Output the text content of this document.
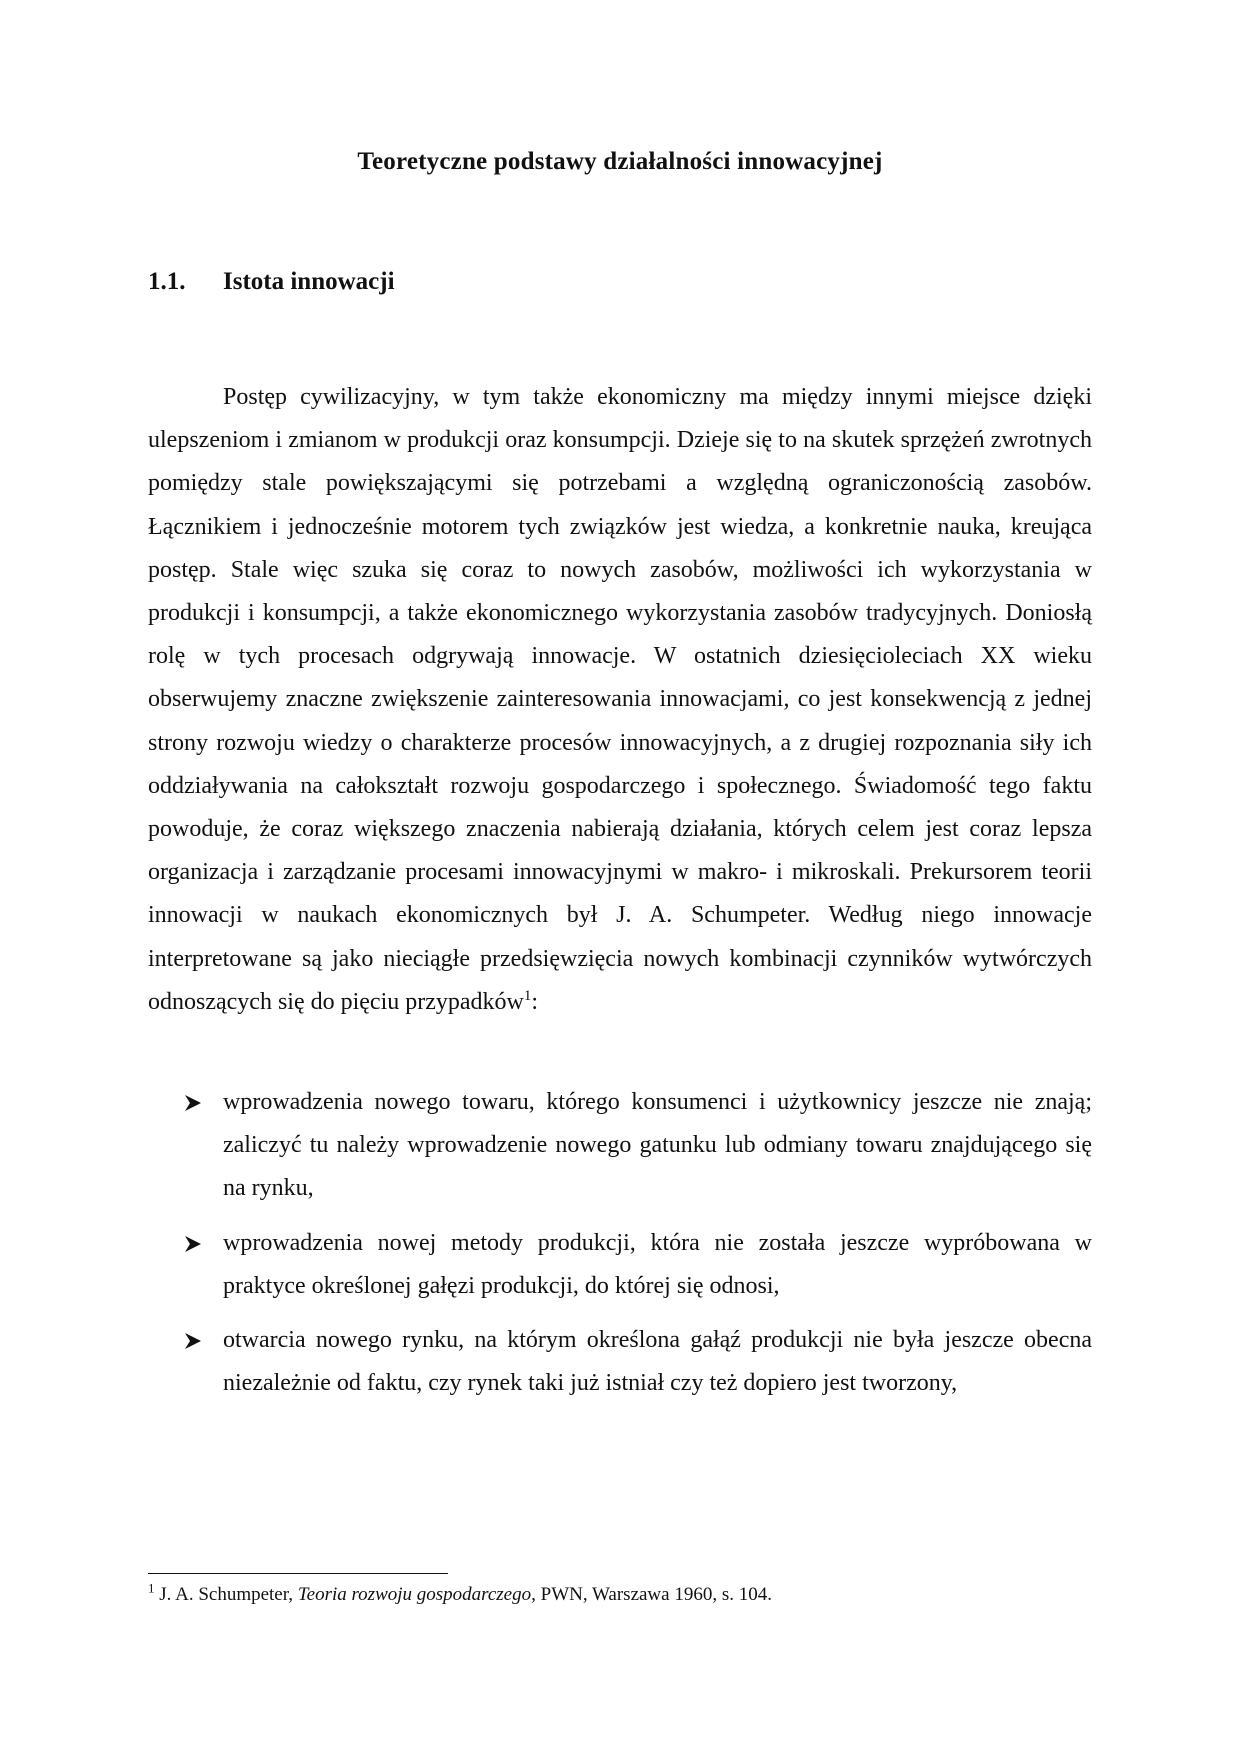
Teoretyczne podstawy działalności innowacyjnej
1.1. Istota innowacji

Postęp cywilizacyjny, w tym także ekonomiczny ma między innymi miejsce dzięki ulepszeniom i zmianom w produkcji oraz konsumpcji. Dzieje się to na skutek sprzężeń zwrotnych pomiędzy stale powiększającymi się potrzebami a względną ograniczonością zasobów. Łącznikiem i jednocześnie motorem tych związków jest wiedza, a konkretnie nauka, kreująca postęp. Stale więc szuka się coraz to nowych zasobów, możliwości ich wykorzystania w produkcji i konsumpcji, a także ekonomicznego wykorzystania zasobów tradycyjnych. Doniosłą rolę w tych procesach odgrywają innowacje. W ostatnich dziesięcioleciach XX wieku obserwujemy znaczne zwiększenie zainteresowania innowacjami, co jest konsekwencją z jednej strony rozwoju wiedzy o charakterze procesów innowacyjnych, a z drugiej rozpoznania siły ich oddziaływania na całokształt rozwoju gospodarczego i społecznego. Świadomość tego faktu powoduje, że coraz większego znaczenia nabierają działania, których celem jest coraz lepsza organizacja i zarządzanie procesami innowacyjnymi w makro- i mikroskali. Prekursorem teorii innowacji w naukach ekonomicznych był J. A. Schumpeter. Według niego innowacje interpretowane są jako nieciągłe przedsięwzięcia nowych kombinacji czynników wytwórczych odnoszących się do pięciu przypadków$^1$:

wprowadzenia nowego towaru, którego konsumenci i użytkownicy jeszcze nie znają; zaliczyć tu należy wprowadzenie nowego gatunku lub odmiany towaru znajdującego się na rynku,
wprowadzenia nowej metody produkcji, która nie została jeszcze wypróbowana w praktyce określonej gałęzi produkcji, do której się odnosi,
otwarcia nowego rynku, na którym określona gałąź produkcji nie była jeszcze obecna niezależnie od faktu, czy rynek taki już istniał czy też dopiero jest tworzony,
$^1$ J. A. Schumpeter, Teoria rozwoju gospodarczego, PWN, Warszawa 1960, s. 104.
